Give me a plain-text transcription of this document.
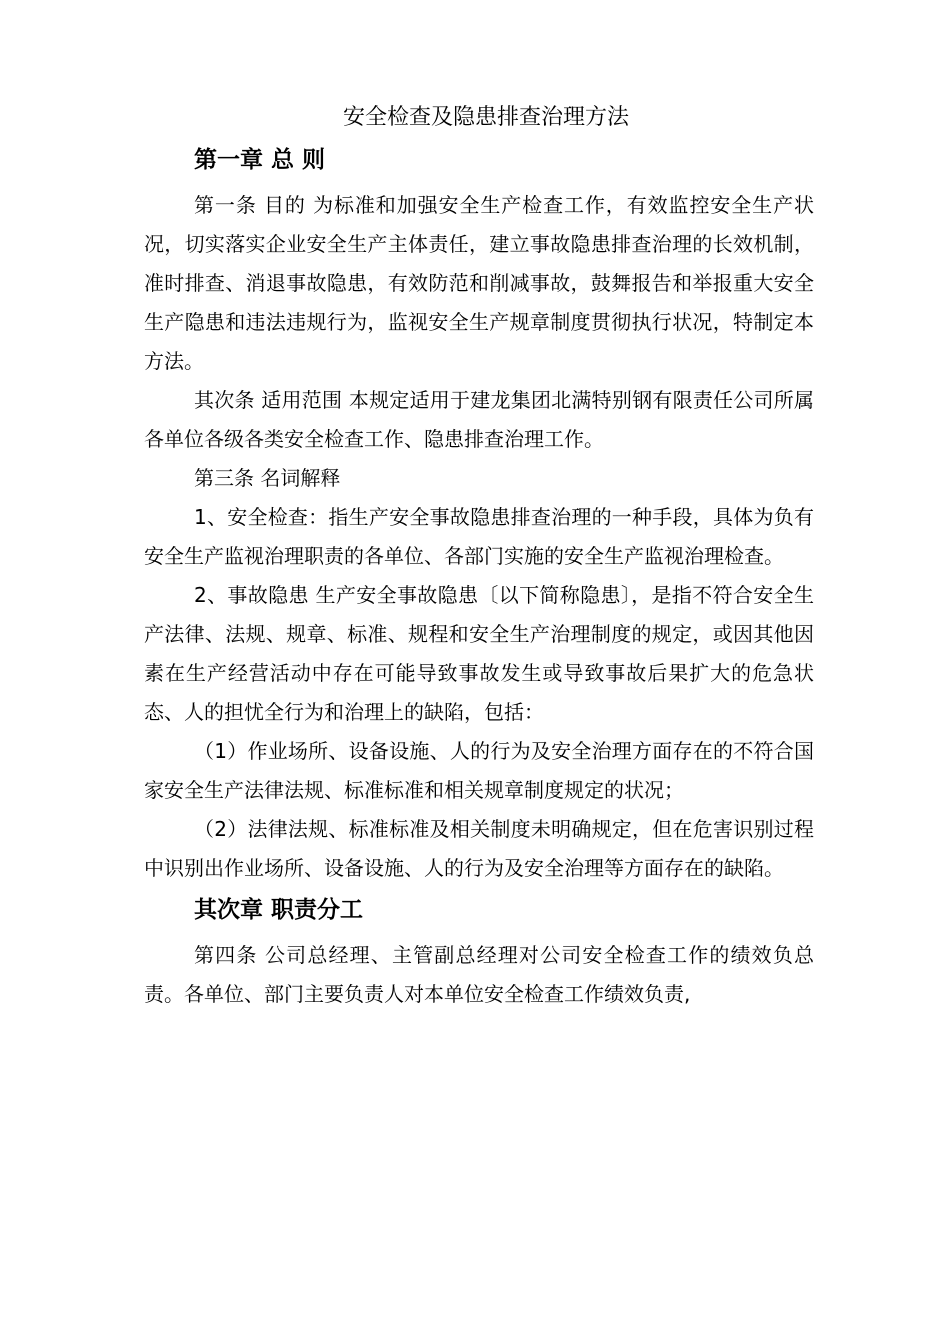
安全检查及隐患排查治理方法
第一章 总 则

第一条 目的 为标准和加强安全生产检查工作，有效监控安全生产状况，切实落实企业安全生产主体责任，建立事故隐患排查治理的长效机制，准时排查、消退事故隐患，有效防范和削减事故，鼓舞报告和举报重大安全生产隐患和违法违规行为，监视安全生产规章制度贯彻执行状况，特制定本方法。

其次条 适用范围 本规定适用于建龙集团北满特别钢有限责任公司所属各单位各级各类安全检查工作、隐患排查治理工作。

第三条 名词解释

1、安全检查：指生产安全事故隐患排查治理的一种手段，具体为负有安全生产监视治理职责的各单位、各部门实施的安全生产监视治理检查。

2、事故隐患 生产安全事故隐患〔以下简称隐患〕，是指不符合安全生产法律、法规、规章、标准、规程和安全生产治理制度的规定，或因其他因素在生产经营活动中存在可能导致事故发生或导致事故后果扩大的危急状态、人的担忧全行为和治理上的缺陷，包括：

（1）作业场所、设备设施、人的行为及安全治理方面存在的不符合国家安全生产法律法规、标准标准和相关规章制度规定的状况；

（2）法律法规、标准标准及相关制度未明确规定，但在危害识别过程中识别出作业场所、设备设施、人的行为及安全治理等方面存在的缺陷。

其次章 职责分工

第四条 公司总经理、主管副总经理对公司安全检查工作的绩效负总责。各单位、部门主要负责人对本单位安全检查工作绩效负责,
